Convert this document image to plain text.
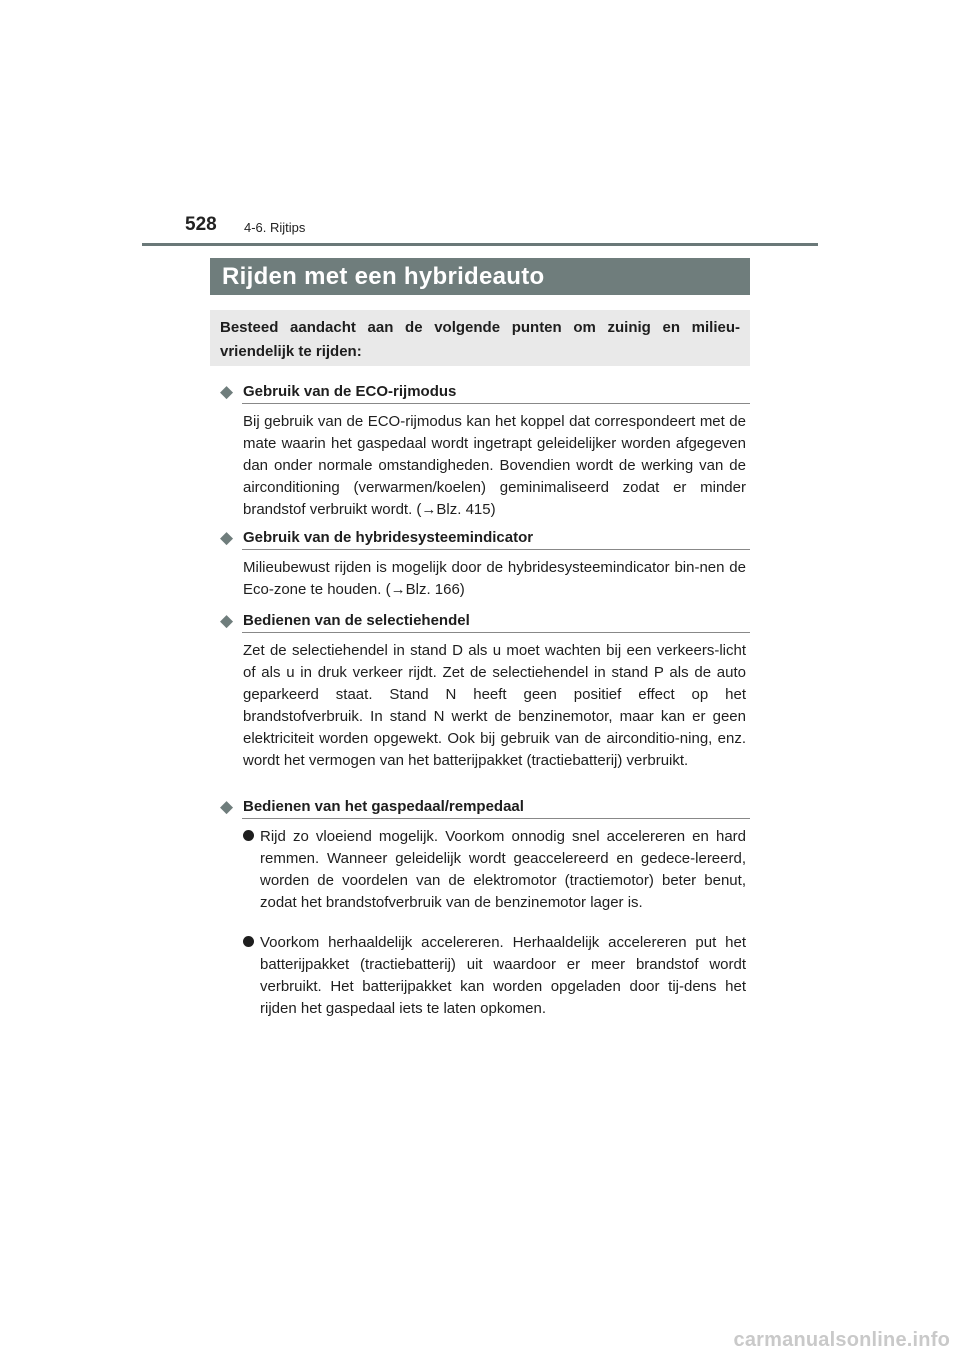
528 4-6. Rijtips
Rijden met een hybrideauto

Besteed aandacht aan de volgende punten om zuinig en milieu-vriendelijk te rijden:

◆ Gebruik van de ECO-rijmodus

Bij gebruik van de ECO-rijmodus kan het koppel dat correspondeert met de mate waarin het gaspedaal wordt ingetrapt geleidelijker worden afgegeven dan onder normale omstandigheden. Bovendien wordt de werking van de airconditioning (verwarmen/koelen) geminimaliseerd zodat er minder brandstof verbruikt wordt. (→Blz. 415)

◆ Gebruik van de hybridesysteemindicator

Milieubewust rijden is mogelijk door de hybridesysteemindicator bin-nen de Eco-zone te houden. (→Blz. 166)

◆ Bedienen van de selectiehendel

Zet de selectiehendel in stand D als u moet wachten bij een verkeers-licht of als u in druk verkeer rijdt. Zet de selectiehendel in stand P als de auto geparkeerd staat. Stand N heeft geen positief effect op het brandstofverbruik. In stand N werkt de benzinemotor, maar kan er geen elektriciteit worden opgewekt. Ook bij gebruik van de airconditio-ning, enz. wordt het vermogen van het batterijpakket (tractiebatterij) verbruikt.

◆ Bedienen van het gaspedaal/rempedaal

Rijd zo vloeiend mogelijk. Voorkom onnodig snel accelereren en hard remmen. Wanneer geleidelijk wordt geaccelereerd en gedece-lereerd, worden de voordelen van de elektromotor (tractiemotor) beter benut, zodat het brandstofverbruik van de benzinemotor lager is.

Voorkom herhaaldelijk accelereren. Herhaaldelijk accelereren put het batterijpakket (tractiebatterij) uit waardoor er meer brandstof wordt verbruikt. Het batterijpakket kan worden opgeladen door tij-dens het rijden het gaspedaal iets te laten opkomen.

carmanualsonline.info
